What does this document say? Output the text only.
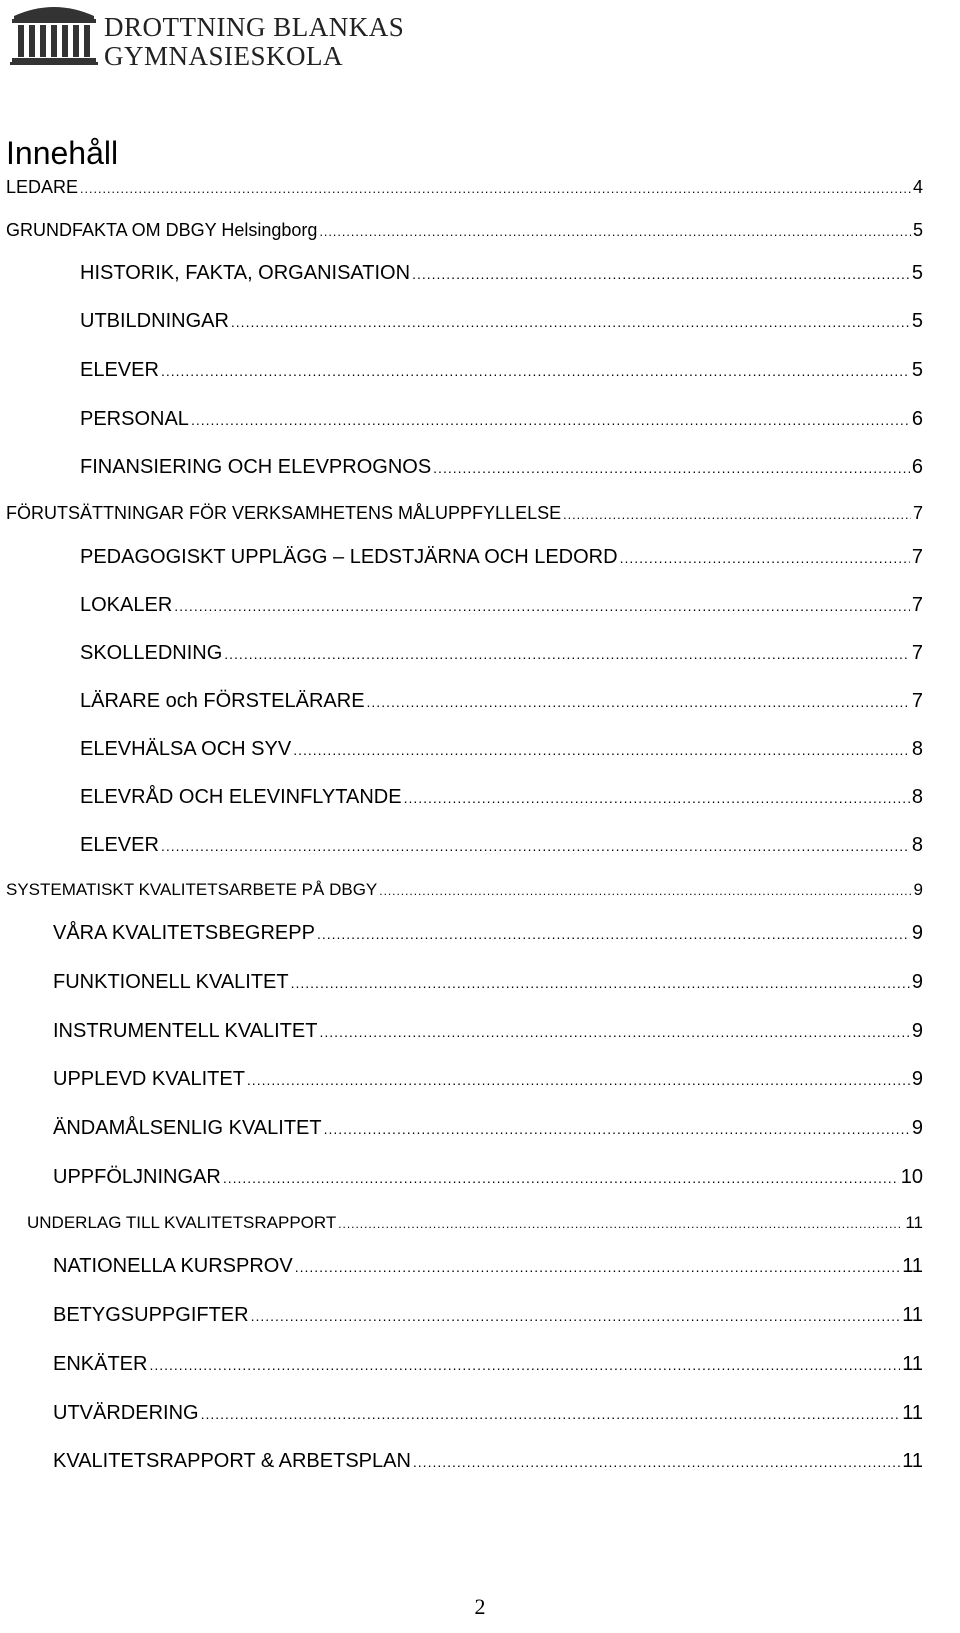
DROTTNING BLANKAS
GYMNASIESKOLA
Innehåll
LEDARE .....	4
GRUNDFAKTA OM DBGY Helsingborg .....	5
HISTORIK, FAKTA, ORGANISATION .....	5
UTBILDNINGAR .....	5
ELEVER .....	5
PERSONAL .....	6
FINANSIERING OCH ELEVPROGNOS .....	6
FÖRUTSÄTTNINGAR FÖR VERKSAMHETENS MÅLUPPFYLLELSE .....	7
PEDAGOGISKT UPPLÄGG – LEDSTJÄRNA OCH LEDORD .....	7
LOKALER .....	7
SKOLLEDNING .....	7
LÄRARE och FÖRSTELÄRARE .....	7
ELEVHÄLSA OCH SYV .....	8
ELEVRÅD OCH ELEVINFLYTANDE .....	8
ELEVER .....	8
SYSTEMATISKT KVALITETSARBETE PÅ DBGY .....	9
VÅRA KVALITETSBEGREPP .....	9
FUNKTIONELL KVALITET .....	9
INSTRUMENTELL KVALITET .....	9
UPPLEVD KVALITET .....	9
ÄNDAMÅLSENLIG KVALITET .....	9
UPPFÖLJNINGAR .....	10
UNDERLAG TILL KVALITETSRAPPORT .....	11
NATIONELLA KURSPROV .....	11
BETYGSUPPGIFTER .....	11
ENKÄTER .....	11
UTVÄRDERING .....	11
KVALITETSRAPPORT & ARBETSPLAN .....	11
2
